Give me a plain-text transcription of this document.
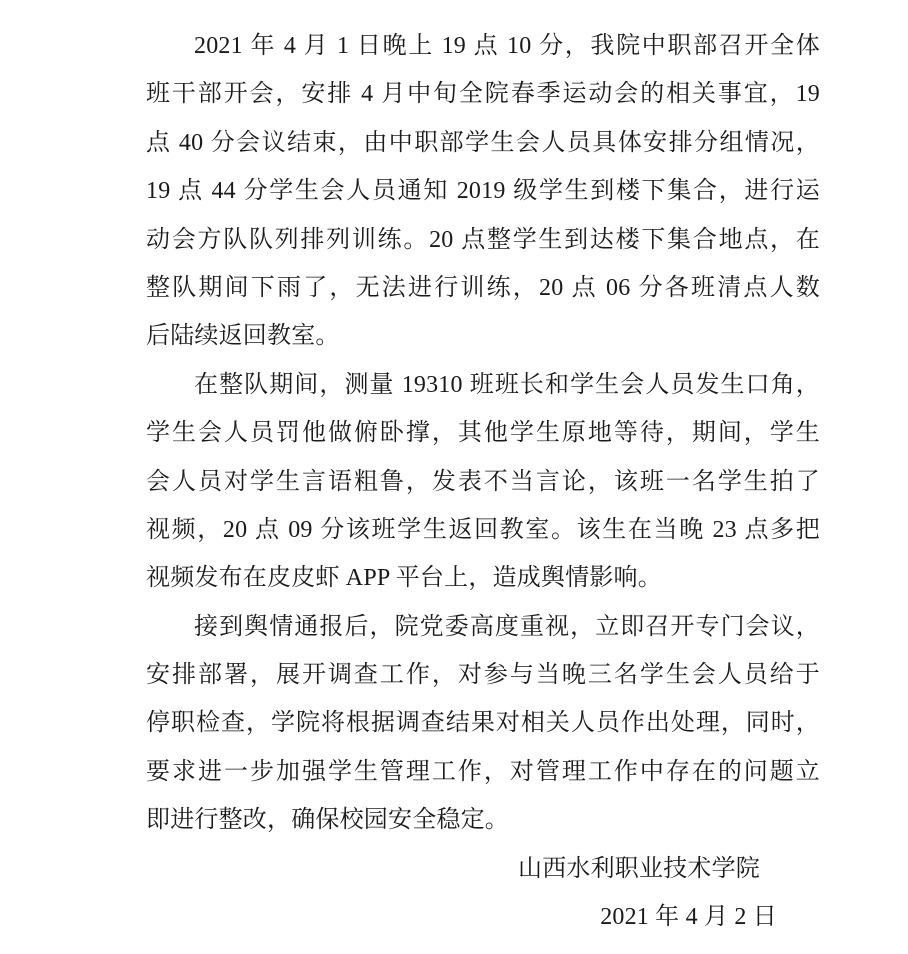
2021 年 4 月 1 日晚上 19 点 10 分，我院中职部召开全体
班干部开会，安排 4 月中旬全院春季运动会的相关事宜，19
点 40 分会议结束，由中职部学生会人员具体安排分组情况，
19 点 44 分学生会人员通知 2019 级学生到楼下集合，进行运
动会方队队列排列训练。20 点整学生到达楼下集合地点，在
整队期间下雨了，无法进行训练，20 点 06 分各班清点人数
后陆续返回教室。
在整队期间，测量 19310 班班长和学生会人员发生口角，
学生会人员罚他做俯卧撑，其他学生原地等待，期间，学生
会人员对学生言语粗鲁，发表不当言论，该班一名学生拍了
视频，20 点 09 分该班学生返回教室。该生在当晚 23 点多把
视频发布在皮皮虾 APP 平台上，造成舆情影响。
接到舆情通报后，院党委高度重视，立即召开专门会议，
安排部署，展开调查工作，对参与当晚三名学生会人员给于
停职检查，学院将根据调查结果对相关人员作出处理，同时，
要求进一步加强学生管理工作，对管理工作中存在的问题立
即进行整改，确保校园安全稳定。
山西水利职业技术学院
2021 年 4 月 2 日
